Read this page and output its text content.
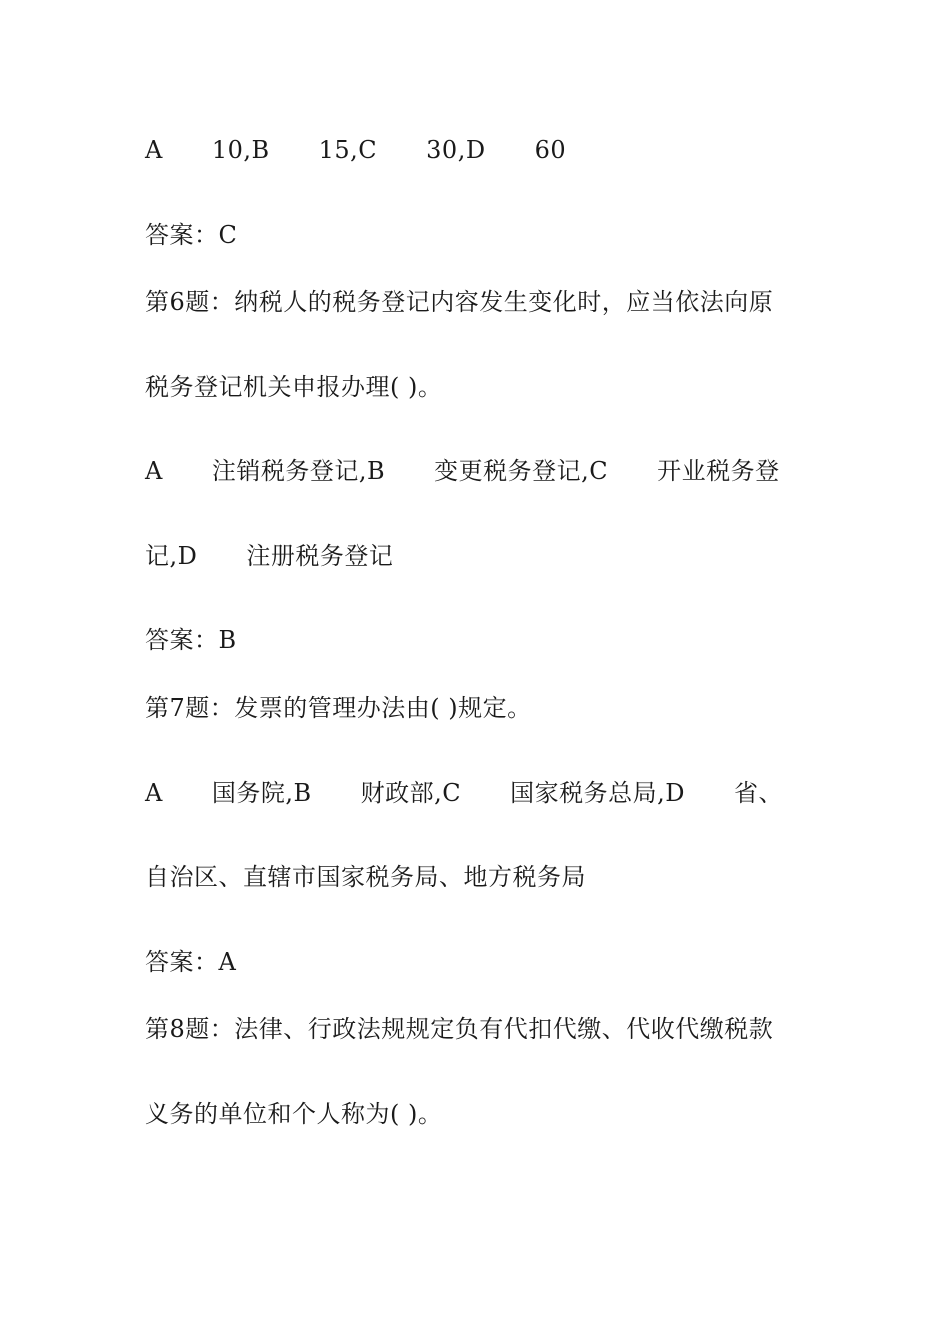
A　　10,B　　15,C　　30,D　　60
答案：C
第6题：纳税人的税务登记内容发生变化时，应当依法向原
税务登记机关申报办理( )。
A　　注销税务登记,B　　变更税务登记,C　　开业税务登
记,D　　注册税务登记
答案：B
第7题：发票的管理办法由( )规定。
A　　国务院,B　　财政部,C　　国家税务总局,D　　省、
自治区、直辖市国家税务局、地方税务局
答案：A
第8题：法律、行政法规规定负有代扣代缴、代收代缴税款
义务的单位和个人称为( )。
